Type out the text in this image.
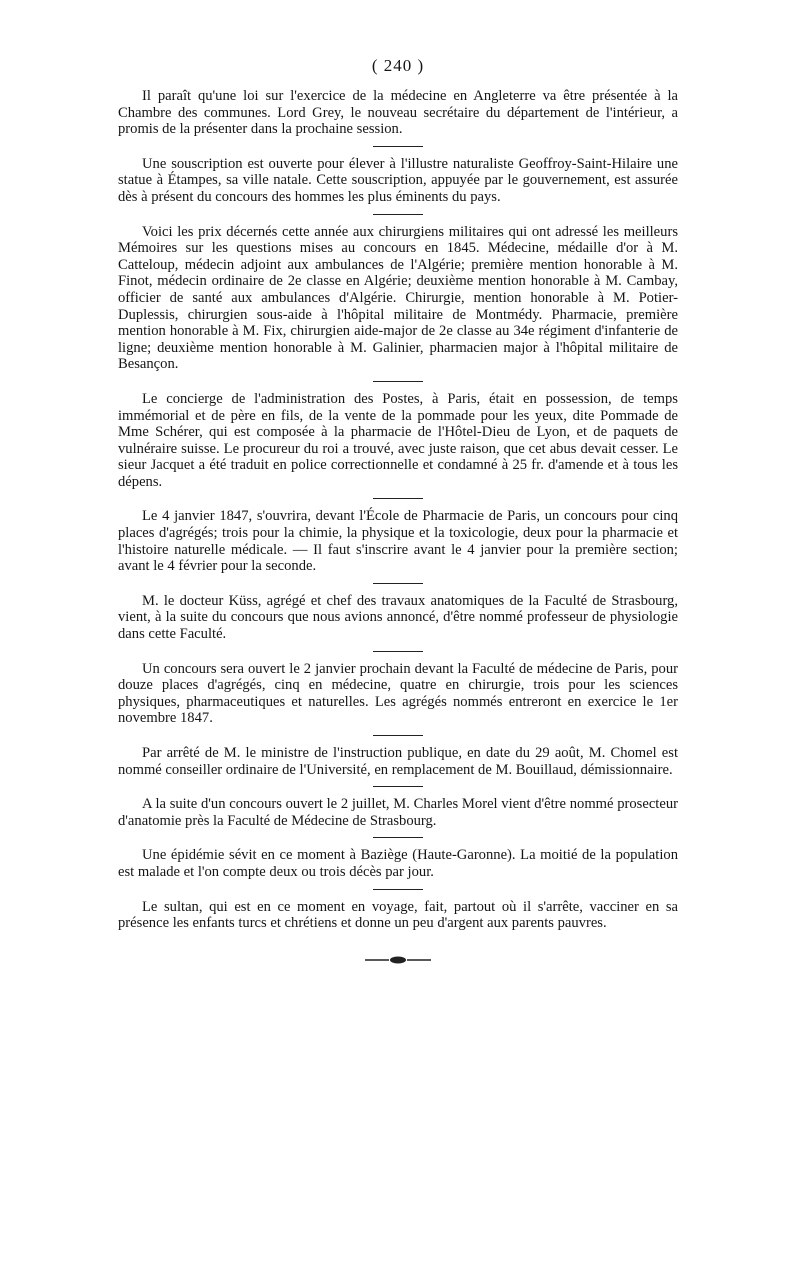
( 240 )

Il paraît qu'une loi sur l'exercice de la médecine en Angleterre va être présentée à la Chambre des communes. Lord Grey, le nouveau secrétaire du département de l'intérieur, a promis de la présenter dans la prochaine session.

Une souscription est ouverte pour élever à l'illustre naturaliste Geoffroy-Saint-Hilaire une statue à Étampes, sa ville natale. Cette souscription, appuyée par le gouvernement, est assurée dès à présent du concours des hommes les plus éminents du pays.

Voici les prix décernés cette année aux chirurgiens militaires qui ont adressé les meilleurs Mémoires sur les questions mises au concours en 1845. Médecine, médaille d'or à M. Catteloup, médecin adjoint aux ambulances de l'Algérie; première mention honorable à M. Finot, médecin ordinaire de 2e classe en Algérie; deuxième mention honorable à M. Cambay, officier de santé aux ambulances d'Algérie. Chirurgie, mention honorable à M. Potier-Duplessis, chirurgien sous-aide à l'hôpital militaire de Montmédy. Pharmacie, première mention honorable à M. Fix, chirurgien aide-major de 2e classe au 34e régiment d'infanterie de ligne; deuxième mention honorable à M. Galinier, pharmacien major à l'hôpital militaire de Besançon.

Le concierge de l'administration des Postes, à Paris, était en possession, de temps immémorial et de père en fils, de la vente de la pommade pour les yeux, dite Pommade de Mme Schérer, qui est composée à la pharmacie de l'Hôtel-Dieu de Lyon, et de paquets de vulnéraire suisse. Le procureur du roi a trouvé, avec juste raison, que cet abus devait cesser. Le sieur Jacquet a été traduit en police correctionnelle et condamné à 25 fr. d'amende et à tous les dépens.

Le 4 janvier 1847, s'ouvrira, devant l'École de Pharmacie de Paris, un concours pour cinq places d'agrégés; trois pour la chimie, la physique et la toxicologie, deux pour la pharmacie et l'histoire naturelle médicale. — Il faut s'inscrire avant le 4 janvier pour la première section; avant le 4 février pour la seconde.

M. le docteur Küss, agrégé et chef des travaux anatomiques de la Faculté de Strasbourg, vient, à la suite du concours que nous avions annoncé, d'être nommé professeur de physiologie dans cette Faculté.

Un concours sera ouvert le 2 janvier prochain devant la Faculté de médecine de Paris, pour douze places d'agrégés, cinq en médecine, quatre en chirurgie, trois pour les sciences physiques, pharmaceutiques et naturelles. Les agrégés nommés entreront en exercice le 1er novembre 1847.

Par arrêté de M. le ministre de l'instruction publique, en date du 29 août, M. Chomel est nommé conseiller ordinaire de l'Université, en remplacement de M. Bouillaud, démissionnaire.

A la suite d'un concours ouvert le 2 juillet, M. Charles Morel vient d'être nommé prosecteur d'anatomie près la Faculté de Médecine de Strasbourg.

Une épidémie sévit en ce moment à Baziège (Haute-Garonne). La moitié de la population est malade et l'on compte deux ou trois décès par jour.

Le sultan, qui est en ce moment en voyage, fait, partout où il s'arrête, vacciner en sa présence les enfants turcs et chrétiens et donne un peu d'argent aux parents pauvres.
